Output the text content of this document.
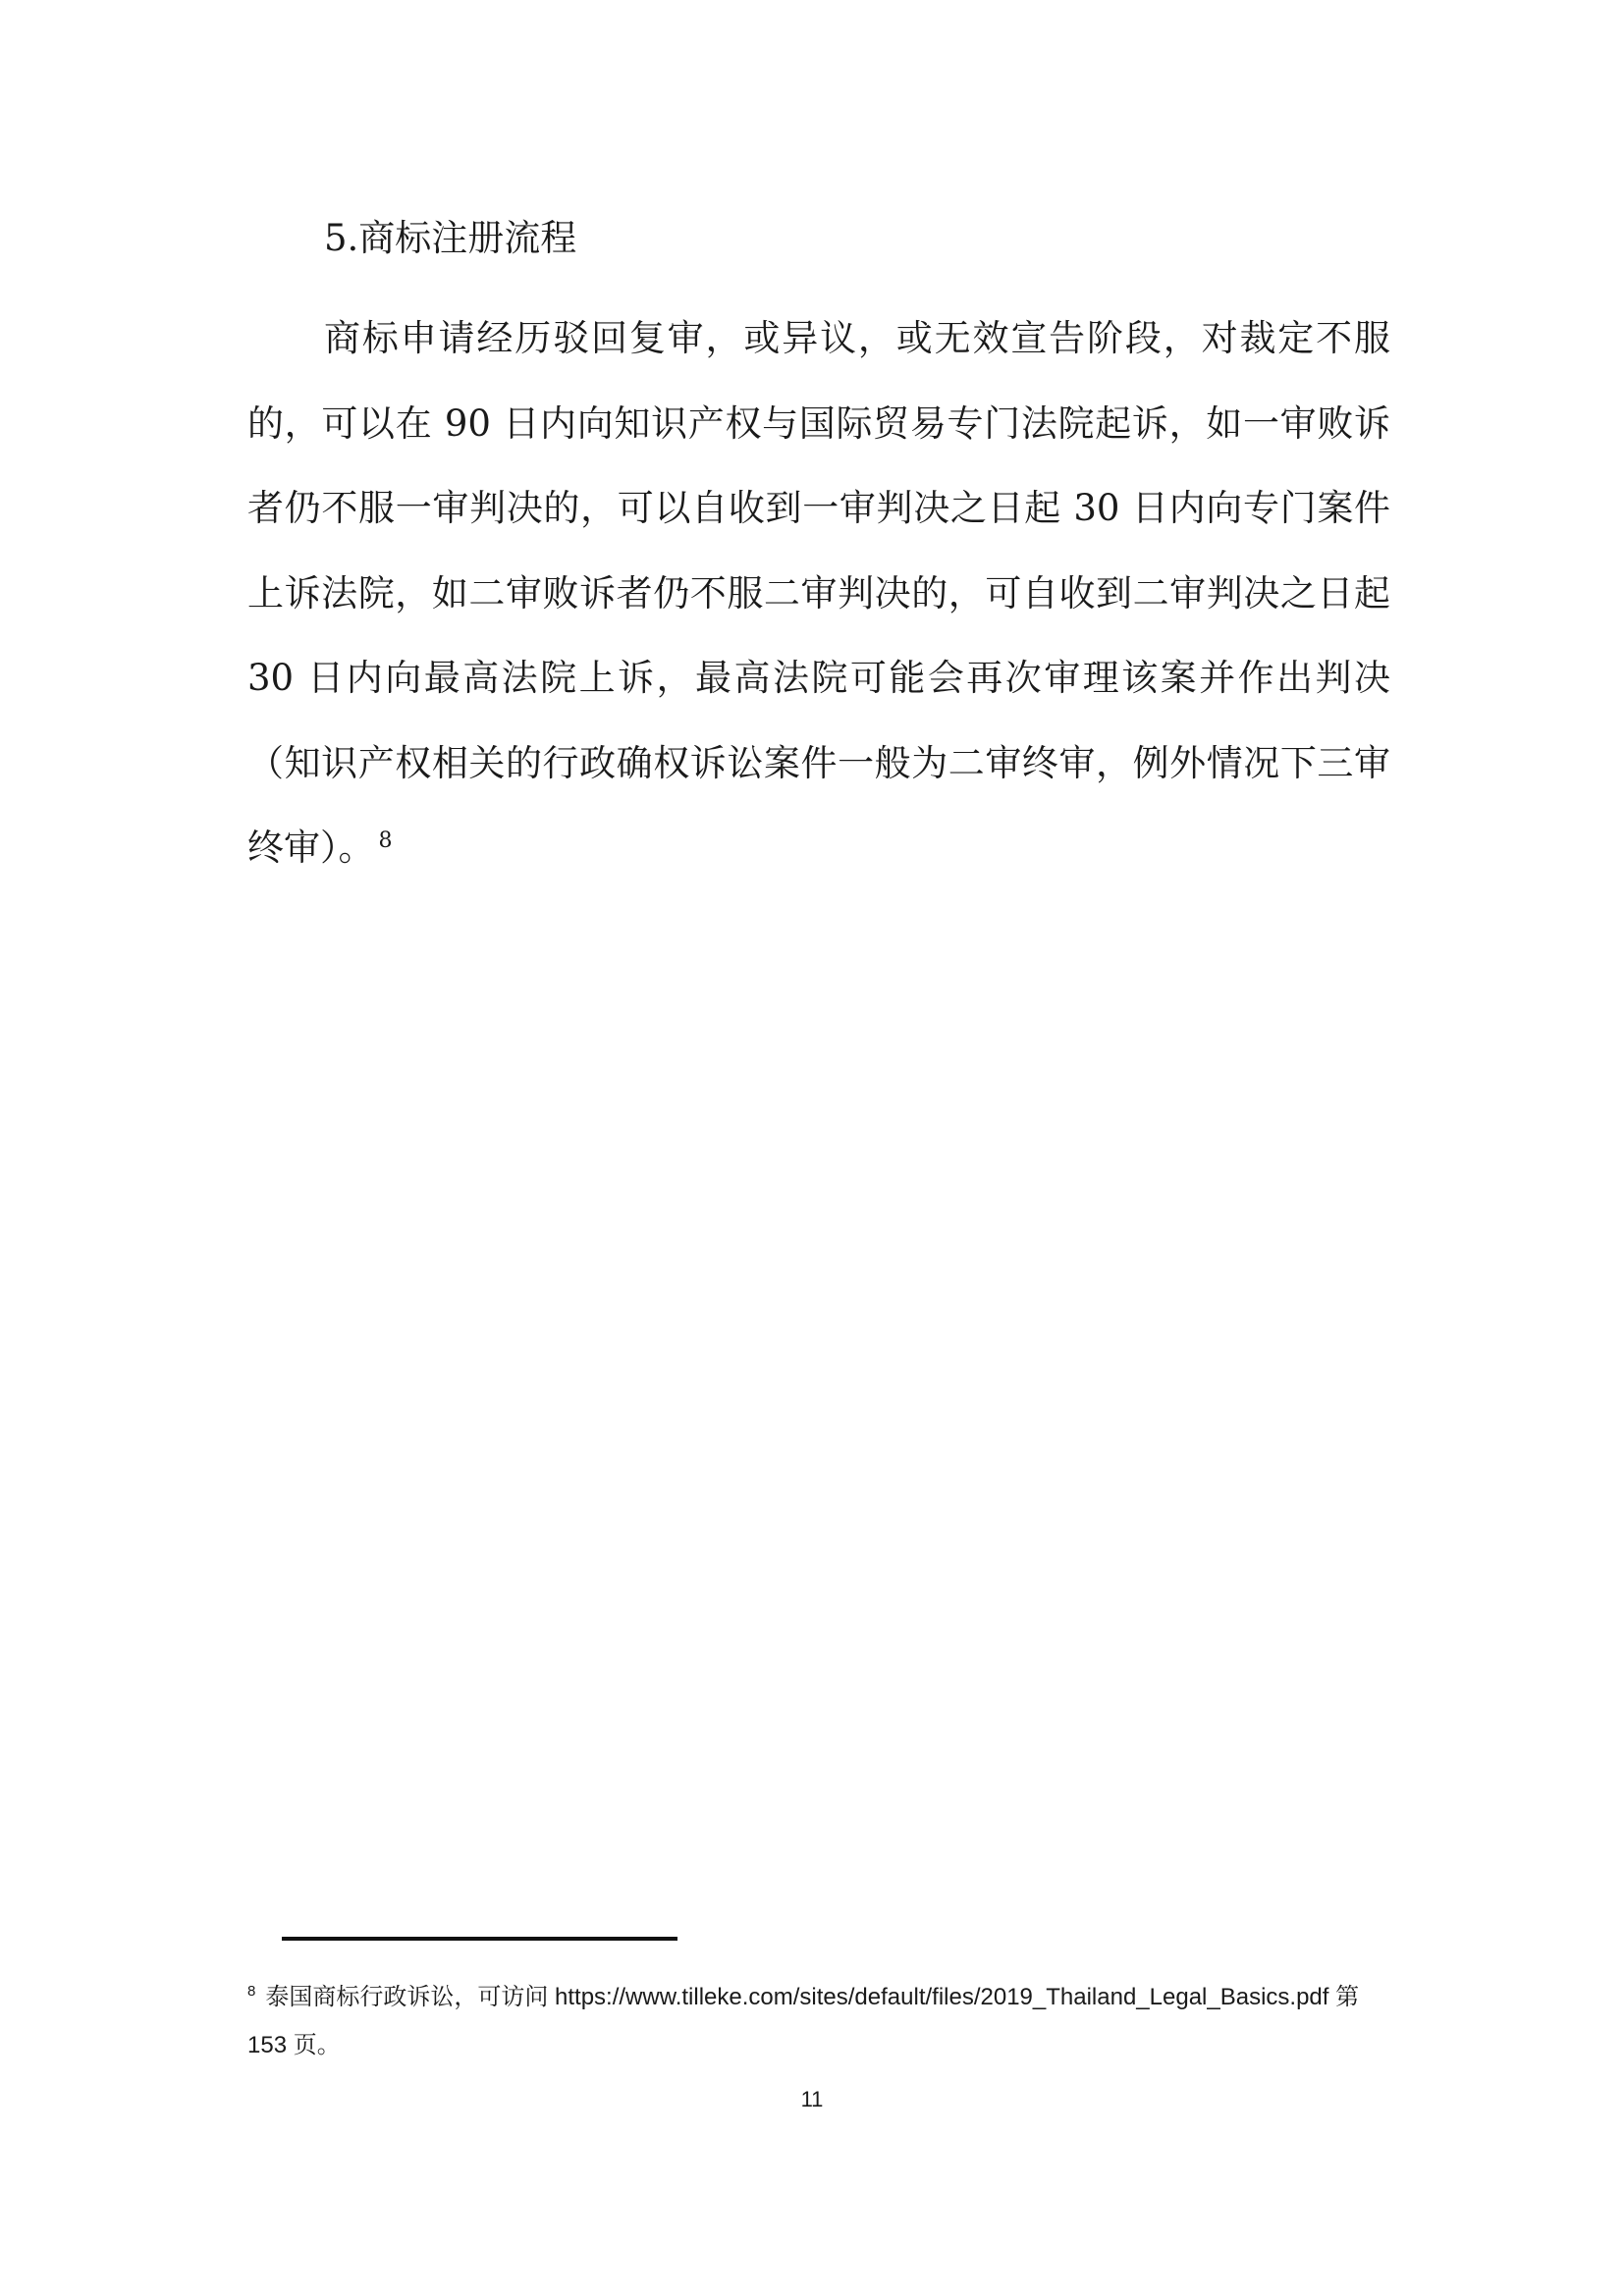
5.商标注册流程

商标申请经历驳回复审，或异议，或无效宣告阶段，对裁定不服的，可以在 90 日内向知识产权与国际贸易专门法院起诉，如一审败诉者仍不服一审判决的，可以自收到一审判决之日起 30 日内向专门案件上诉法院，如二审败诉者仍不服二审判决的，可自收到二审判决之日起 30 日内向最高法院上诉，最高法院可能会再次审理该案并作出判决（知识产权相关的行政确权诉讼案件一般为二审终审，例外情况下三审终审）。 $^8$

$^8$ 泰国商标行政诉讼，可访问 https://www.tilleke.com/sites/default/files/2019_Thailand_Legal_Basics.pdf 第 153 页。

11
